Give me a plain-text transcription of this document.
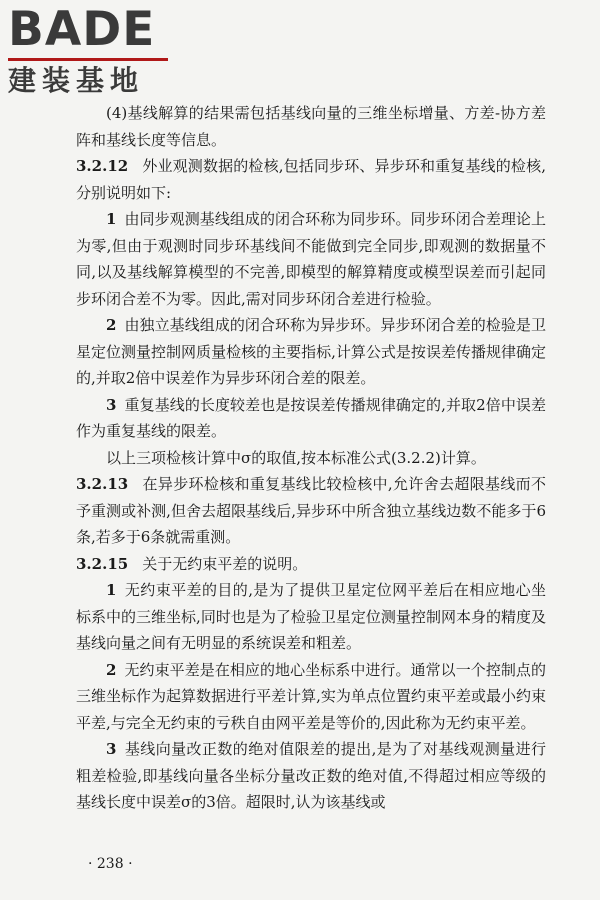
BADE
建装基地

(4)基线解算的结果需包括基线向量的三维坐标增量、方差-协方差阵和基线长度等信息。

3.2.12 外业观测数据的检核,包括同步环、异步环和重复基线的检核,分别说明如下:

1 由同步观测基线组成的闭合环称为同步环。同步环闭合差理论上为零,但由于观测时同步环基线间不能做到完全同步,即观测的数据量不同,以及基线解算模型的不完善,即模型的解算精度或模型误差而引起同步环闭合差不为零。因此,需对同步环闭合差进行检验。

2 由独立基线组成的闭合环称为异步环。异步环闭合差的检验是卫星定位测量控制网质量检核的主要指标,计算公式是按误差传播规律确定的,并取2倍中误差作为异步环闭合差的限差。

3 重复基线的长度较差也是按误差传播规律确定的,并取2倍中误差作为重复基线的限差。

以上三项检核计算中σ的取值,按本标准公式(3.2.2)计算。

3.2.13 在异步环检核和重复基线比较检核中,允许舍去超限基线而不予重测或补测,但舍去超限基线后,异步环中所含独立基线边数不能多于6条,若多于6条就需重测。

3.2.15 关于无约束平差的说明。

1 无约束平差的目的,是为了提供卫星定位网平差后在相应地心坐标系中的三维坐标,同时也是为了检验卫星定位测量控制网本身的精度及基线向量之间有无明显的系统误差和粗差。

2 无约束平差是在相应的地心坐标系中进行。通常以一个控制点的三维坐标作为起算数据进行平差计算,实为单点位置约束平差或最小约束平差,与完全无约束的亏秩自由网平差是等价的,因此称为无约束平差。

3 基线向量改正数的绝对值限差的提出,是为了对基线观测量进行粗差检验,即基线向量各坐标分量改正数的绝对值,不得超过相应等级的基线长度中误差σ的3倍。超限时,认为该基线或

· 238 ·
